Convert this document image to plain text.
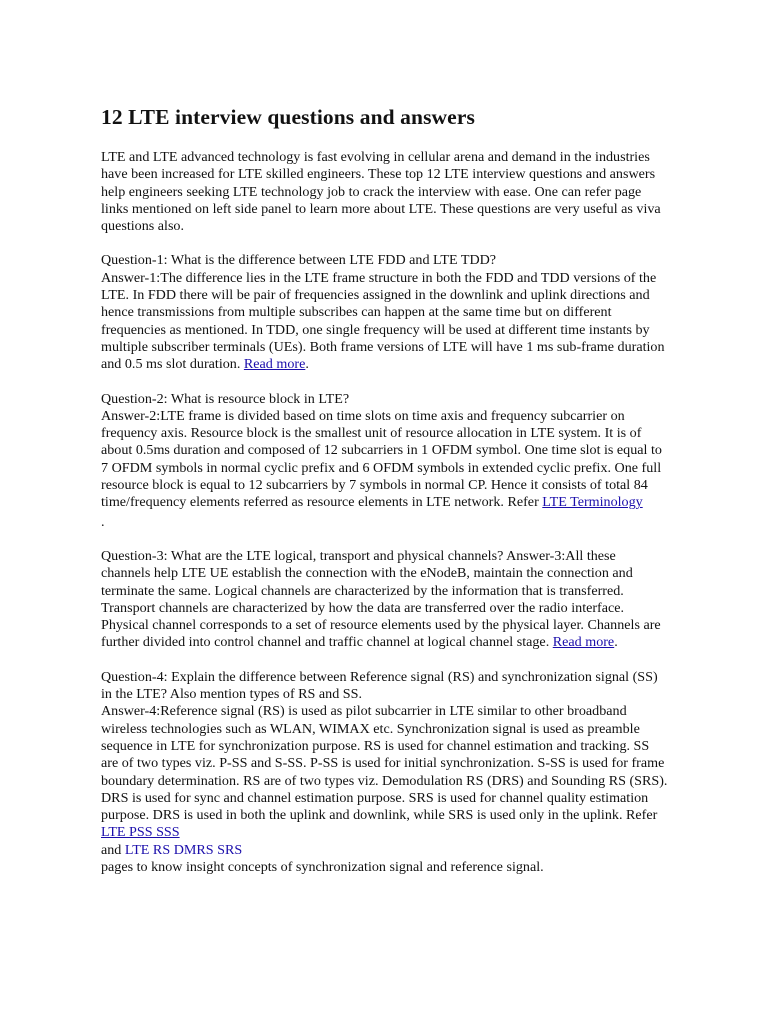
12 LTE interview questions and answers

LTE and LTE advanced technology is fast evolving in cellular arena and demand in the industries have been increased for LTE skilled engineers. These top 12 LTE interview questions and answers help engineers seeking LTE technology job to crack the interview with ease. One can refer page links mentioned on left side panel to learn more about LTE. These questions are very useful as viva questions also.

Question-1: What is the difference between LTE FDD and LTE TDD?
Answer-1:The difference lies in the LTE frame structure in both the FDD and TDD versions of the LTE. In FDD there will be pair of frequencies assigned in the downlink and uplink directions and hence transmissions from multiple subscribes can happen at the same time but on different frequencies as mentioned. In TDD, one single frequency will be used at different time instants by multiple subscriber terminals (UEs). Both frame versions of LTE will have 1 ms sub-frame duration and 0.5 ms slot duration. Read more.
Question-2: What is resource block in LTE?
Answer-2:LTE frame is divided based on time slots on time axis and frequency subcarrier on frequency axis. Resource block is the smallest unit of resource allocation in LTE system. It is of about 0.5ms duration and composed of 12 subcarriers in 1 OFDM symbol. One time slot is equal to 7 OFDM symbols in normal cyclic prefix and 6 OFDM symbols in extended cyclic prefix. One full resource block is equal to 12 subcarriers by 7 symbols in normal CP. Hence it consists of total 84 time/frequency elements referred as resource elements in LTE network. Refer LTE Terminology
.
Question-3: What are the LTE logical, transport and physical channels? Answer-3:All these channels help LTE UE establish the connection with the eNodeB, maintain the connection and terminate the same. Logical channels are characterized by the information that is transferred. Transport channels are characterized by how the data are transferred over the radio interface. Physical channel corresponds to a set of resource elements used by the physical layer. Channels are further divided into control channel and traffic channel at logical channel stage. Read more.
Question-4: Explain the difference between Reference signal (RS) and synchronization signal (SS) in the LTE? Also mention types of RS and SS.
Answer-4:Reference signal (RS) is used as pilot subcarrier in LTE similar to other broadband wireless technologies such as WLAN, WIMAX etc. Synchronization signal is used as preamble sequence in LTE for synchronization purpose. RS is used for channel estimation and tracking. SS are of two types viz. P-SS and S-SS. P-SS is used for initial synchronization. S-SS is used for frame boundary determination. RS are of two types viz. Demodulation RS (DRS) and Sounding RS (SRS). DRS is used for sync and channel estimation purpose. SRS is used for channel quality estimation purpose. DRS is used in both the uplink and downlink, while SRS is used only in the uplink. Refer LTE PSS SSS
and LTE RS DMRS SRS
pages to know insight concepts of synchronization signal and reference signal.
